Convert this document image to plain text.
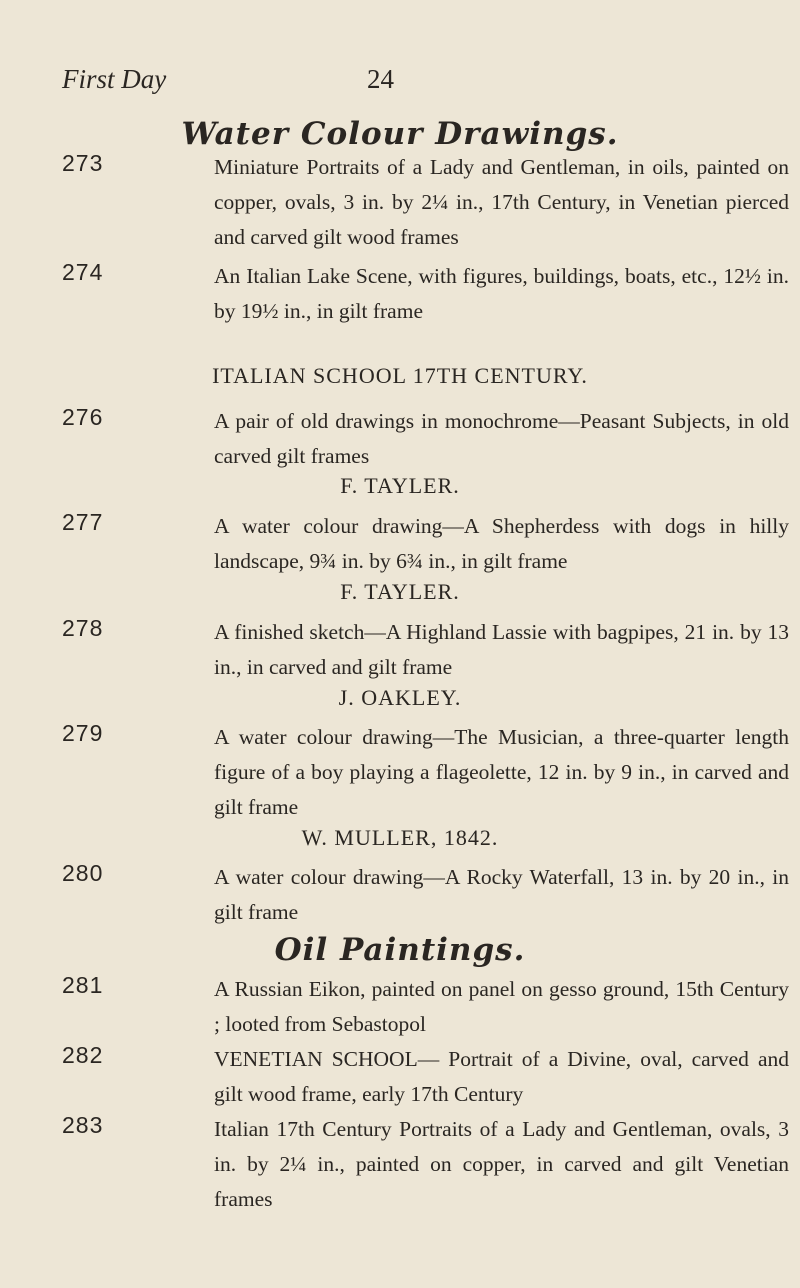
First Day	24
Water Colour Drawings.
273	Miniature Portraits of a Lady and Gentleman, in oils, painted on copper, ovals, 3 in. by 2¼ in., 17th Century, in Venetian pierced and carved gilt wood frames
274	An Italian Lake Scene, with figures, buildings, boats, etc., 12½ in. by 19½ in., in gilt frame
ITALIAN SCHOOL 17TH CENTURY.
276	A pair of old drawings in monochrome—Peasant Subjects, in old carved gilt frames
F. TAYLER.
277	A water colour drawing—A Shepherdess with dogs in hilly landscape, 9¾ in. by 6¾ in., in gilt frame
F. TAYLER.
278	A finished sketch—A Highland Lassie with bagpipes, 21 in. by 13 in., in carved and gilt frame
J. OAKLEY.
279	A water colour drawing—The Musician, a three-quarter length figure of a boy playing a flageolette, 12 in. by 9 in., in carved and gilt frame
W. MULLER, 1842.
280	A water colour drawing—A Rocky Waterfall, 13 in. by 20 in., in gilt frame
Oil Paintings.
281	A Russian Eikon, painted on panel on gesso ground, 15th Century ; looted from Sebastopol
282	VENETIAN SCHOOL— Portrait of a Divine, oval, carved and gilt wood frame, early 17th Century
283	Italian 17th Century Portraits of a Lady and Gentleman, ovals, 3 in. by 2¼ in., painted on copper, in carved and gilt Venetian frames
